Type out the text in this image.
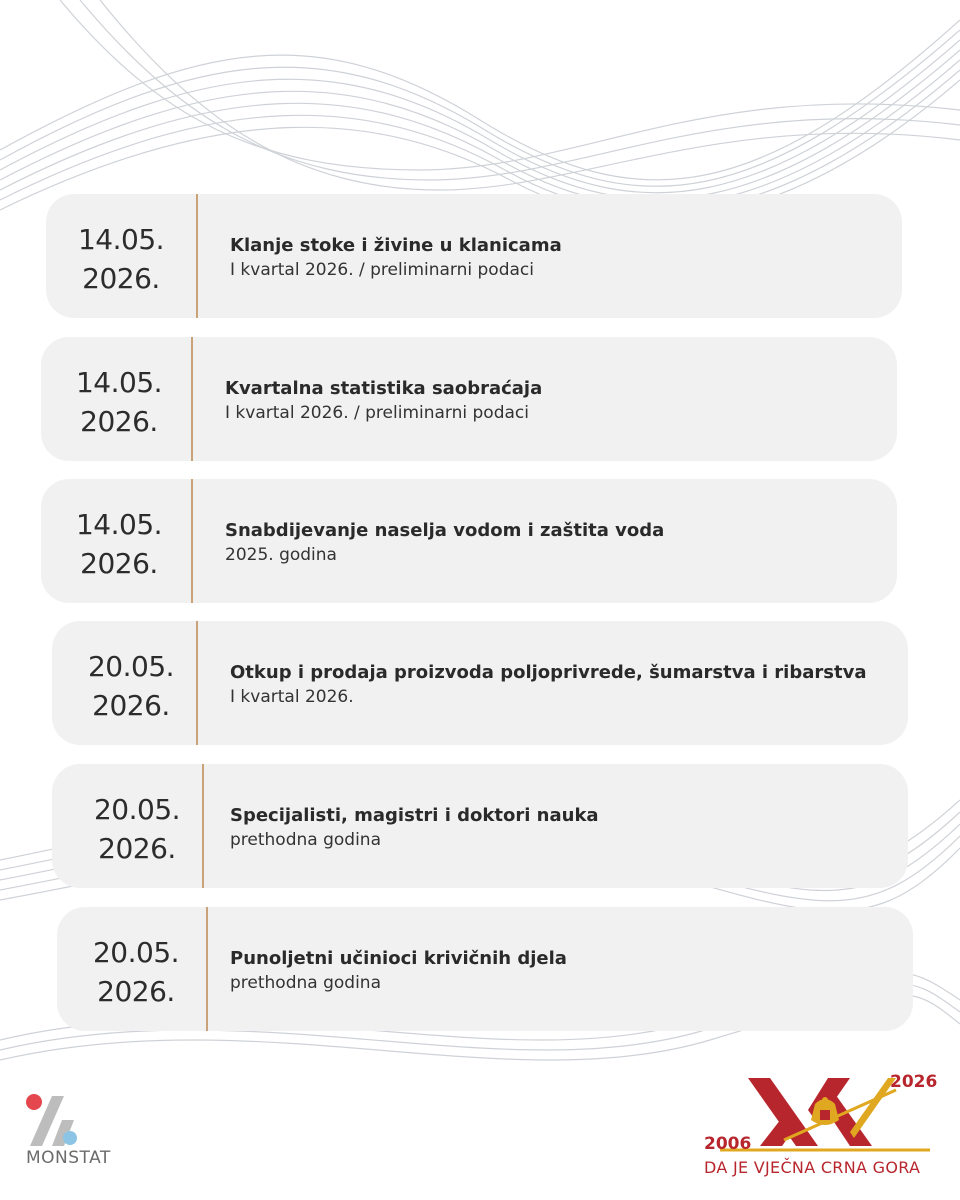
14.05.
2026.
Klanje stoke i živine u klanicama
I kvartal 2026. / preliminarni podaci
14.05.
2026.
Kvartalna statistika saobraćaja
I kvartal 2026. / preliminarni podaci
14.05.
2026.
Snabdijevanje naselja vodom i zaštita voda
2025. godina
20.05.
2026.
Otkup i prodaja proizvoda poljoprivrede, šumarstva i ribarstva
I kvartal 2026.
20.05.
2026.
Specijalisti, magistri i doktori nauka
prethodna godina
20.05.
2026.
Punoljetni učinioci krivičnih djela
prethodna godina
MONSTAT
2026
2006
DA JE VJEČNA CRNA GORA
